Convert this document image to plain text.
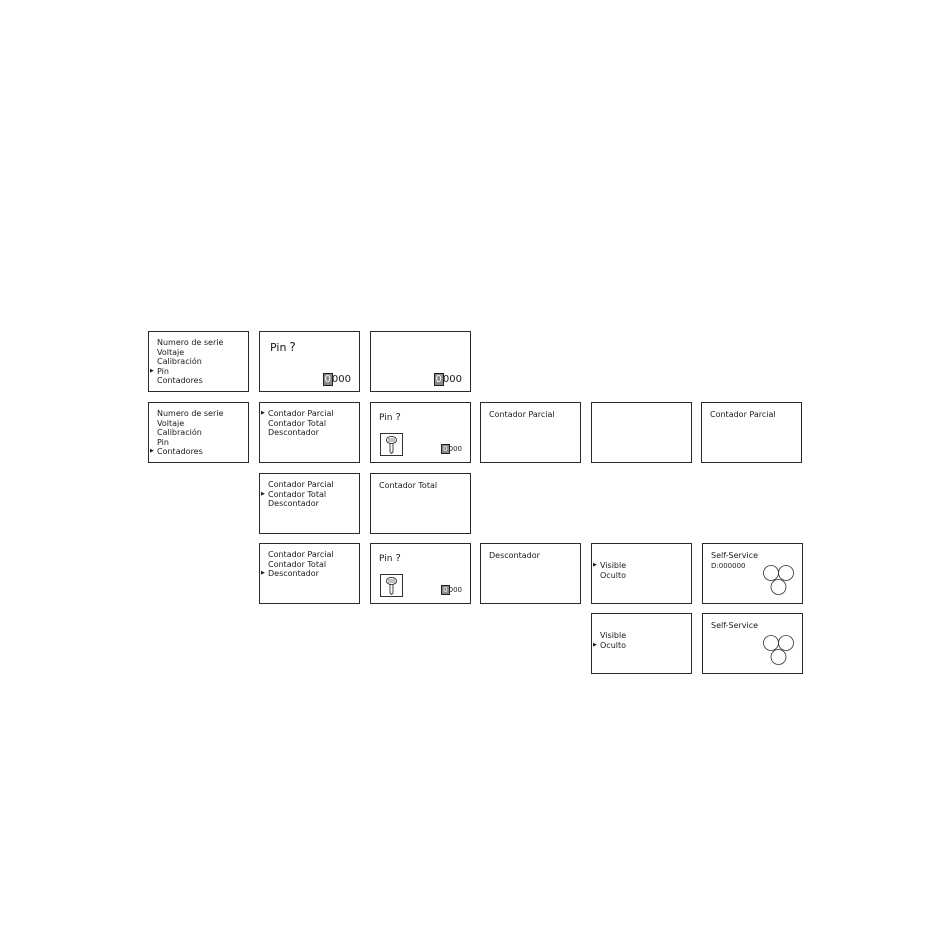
Numero de serie
Voltaje
Calibración
▶ Pin
Contadores
Pin ?
0000	0000
Numero de serie
Voltaje
Calibración
Pin
▶ Contadores
▶ Contador Parcial
Contador Total
Descontador
Pin ?
0000
Contador Parcial	Contador Parcial
Contador Parcial
▶ Contador Total
Descontador
Contador Total
Contador Parcial
Contador Total
▶ Descontador
Pin ?
0000
Descontador
▶ Visible
Oculto
Self-Service
D:000000
Visible
▶ Oculto
Self-Service
